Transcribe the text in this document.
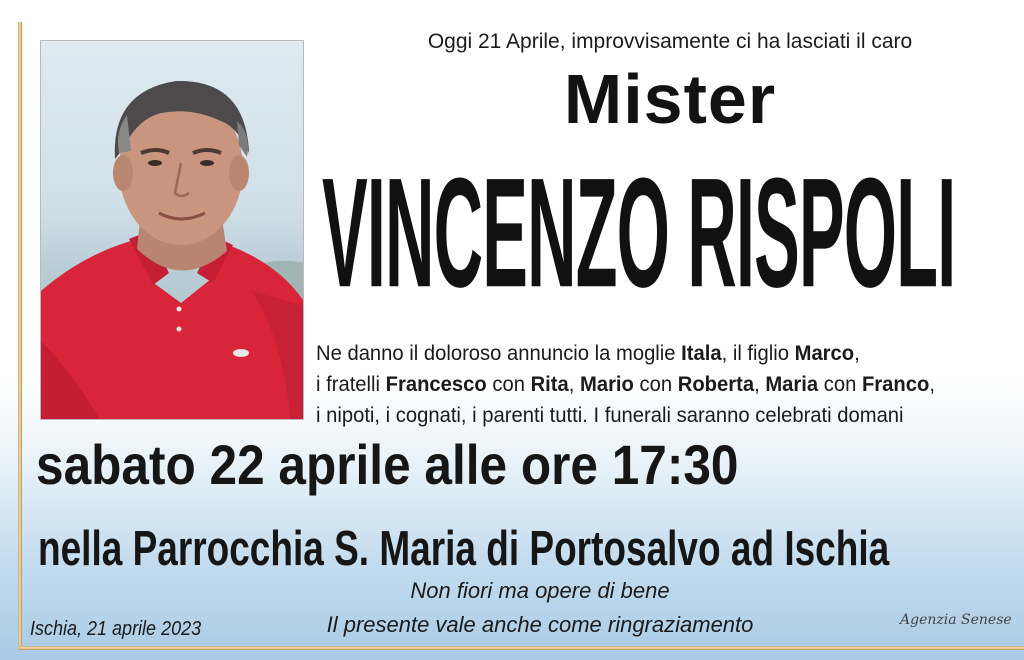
Oggi 21 Aprile, improvvisamente ci ha lasciati il caro
Mister
VINCENZO RISPOLI
Ne danno il doloroso annuncio la moglie Itala, il figlio Marco,
i fratelli Francesco con Rita, Mario con Roberta, Maria con Franco,
i nipoti, i cognati, i parenti tutti. I funerali saranno celebrati domani
sabato 22 aprile alle ore 17:30
nella Parrocchia S. Maria di Portosalvo ad Ischia
Non fiori ma opere di bene
Il presente vale anche come ringraziamento
Ischia, 21 aprile 2023	Agenzia Senese
